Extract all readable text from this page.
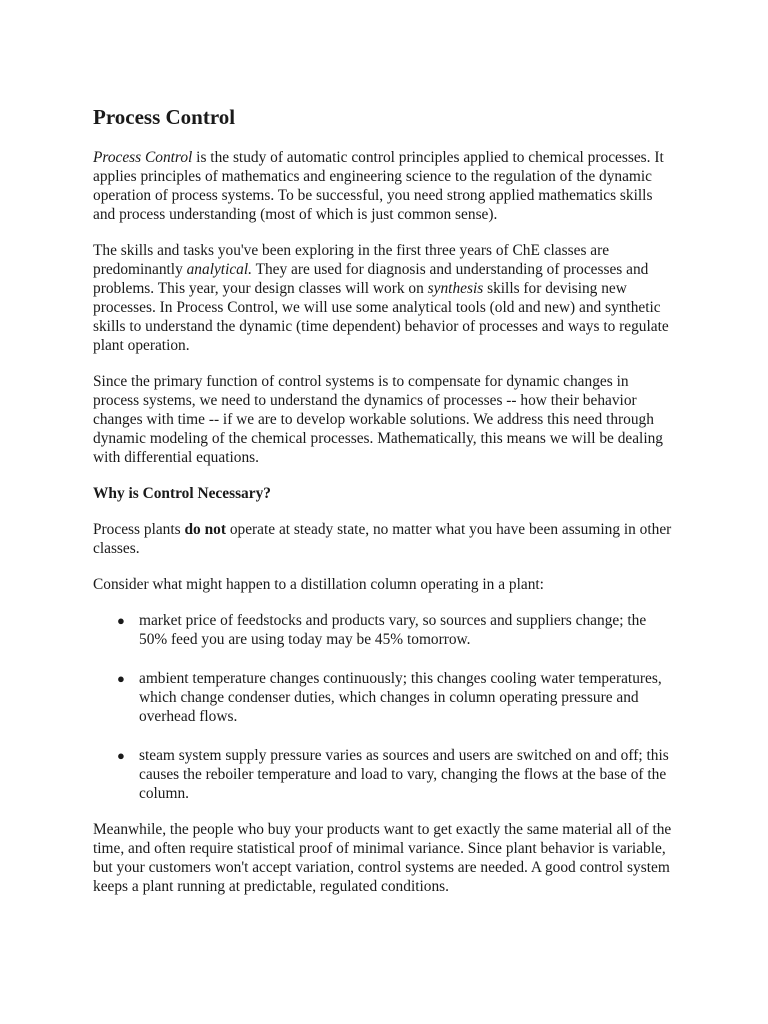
Process Control

Process Control is the study of automatic control principles applied to chemical processes. It applies principles of mathematics and engineering science to the regulation of the dynamic operation of process systems. To be successful, you need strong applied mathematics skills and process understanding (most of which is just common sense).

The skills and tasks you've been exploring in the first three years of ChE classes are predominantly analytical. They are used for diagnosis and understanding of processes and problems. This year, your design classes will work on synthesis skills for devising new processes. In Process Control, we will use some analytical tools (old and new) and synthetic skills to understand the dynamic (time dependent) behavior of processes and ways to regulate plant operation.

Since the primary function of control systems is to compensate for dynamic changes in process systems, we need to understand the dynamics of processes -- how their behavior changes with time -- if we are to develop workable solutions. We address this need through dynamic modeling of the chemical processes. Mathematically, this means we will be dealing with differential equations.

Why is Control Necessary?

Process plants do not operate at steady state, no matter what you have been assuming in other classes.

Consider what might happen to a distillation column operating in a plant:

● market price of feedstocks and products vary, so sources and suppliers change; the 50% feed you are using today may be 45% tomorrow.
● ambient temperature changes continuously; this changes cooling water temperatures, which change condenser duties, which changes in column operating pressure and overhead flows.
● steam system supply pressure varies as sources and users are switched on and off; this causes the reboiler temperature and load to vary, changing the flows at the base of the column.

Meanwhile, the people who buy your products want to get exactly the same material all of the time, and often require statistical proof of minimal variance. Since plant behavior is variable, but your customers won't accept variation, control systems are needed. A good control system keeps a plant running at predictable, regulated conditions.
